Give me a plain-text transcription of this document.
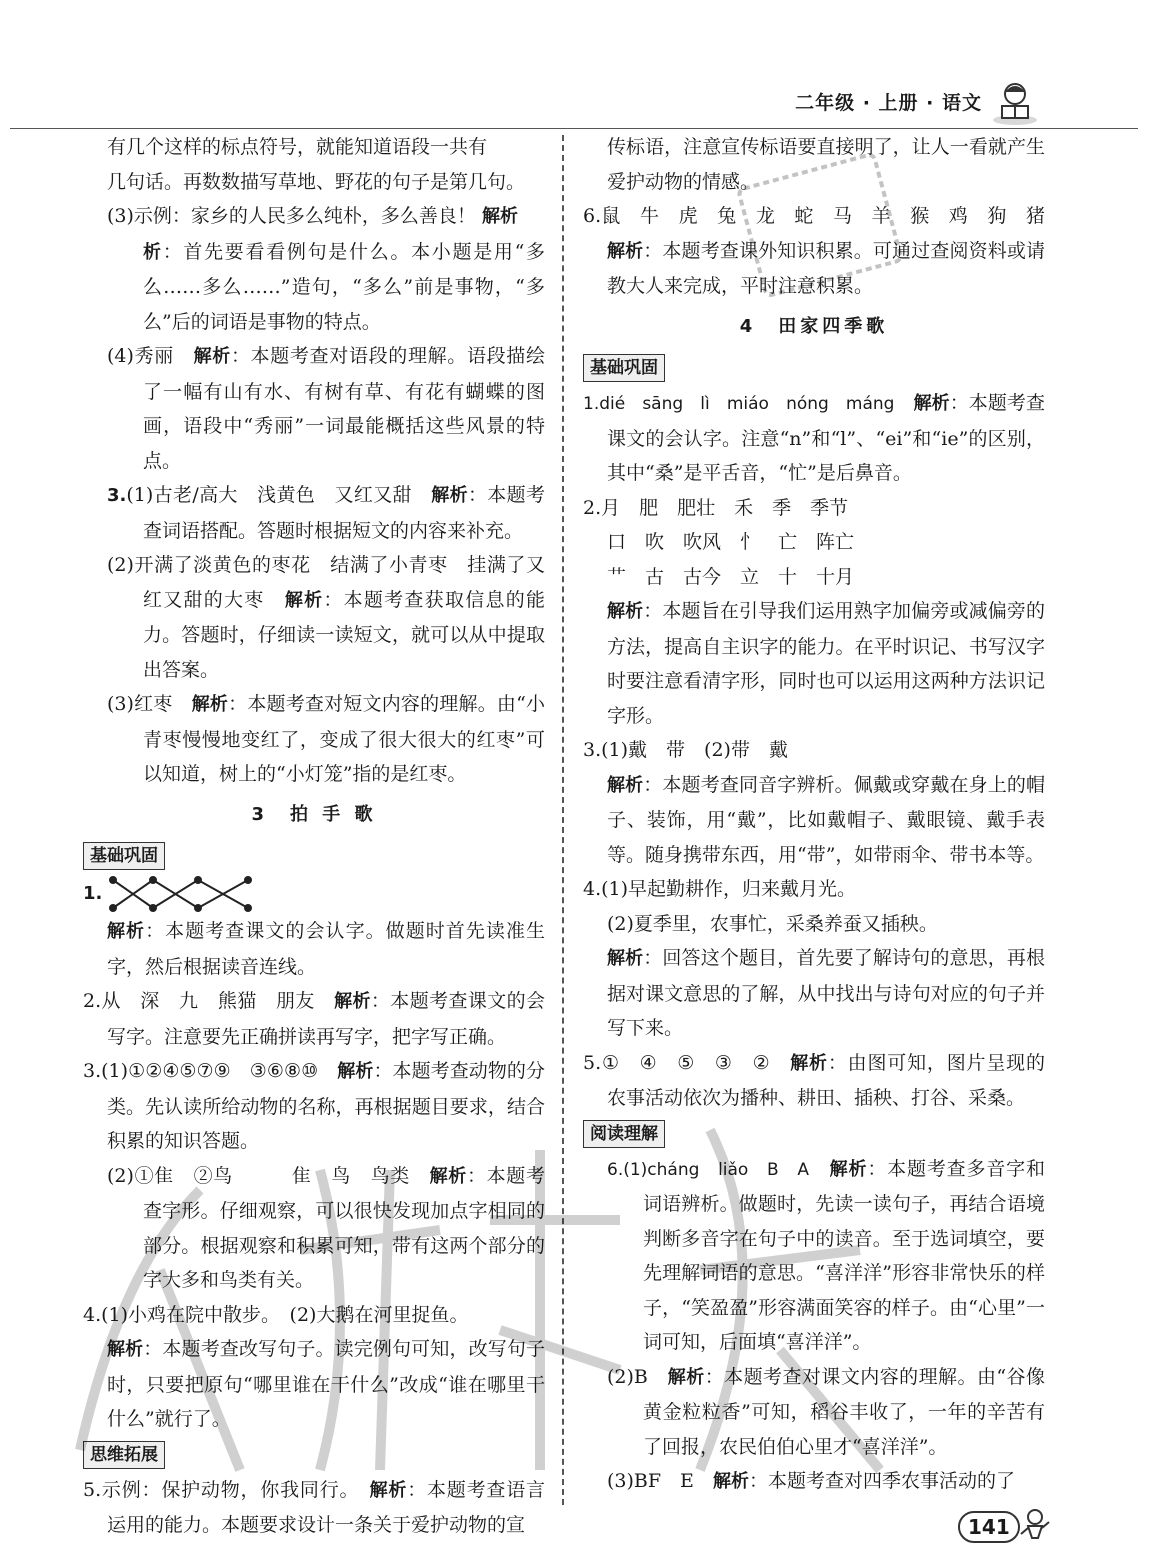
二年级 · 上册 · 语文

有几个这样的标点符号，就能知道语段一共有

几句话。再数数描写草地、野花的句子是第几句。

(3)示例：家乡的人民多么纯朴，多么善良！ 解析

析：首先要看看例句是什么。本小题是用“多么……多么……”造句，“多么”前是事物，“多么”后的词语是事物的特点。

(4)秀丽　 解析：本题考查对语段的理解。语段描绘了一幅有山有水、有树有草、有花有蝴蝶的图画，语段中“秀丽”一词最能概括这些风景的特点。

3.(1)古老/高大　浅黄色　又红又甜　 解析：本题考查词语搭配。答题时根据短文的内容来补充。

(2)开满了淡黄色的枣花　结满了小青枣　挂满了又红又甜的大枣　 解析：本题考查获取信息的能力。答题时，仔细读一读短文，就可以从中提取出答案。

(3)红枣　 解析：本题考查对短文内容的理解。由“小青枣慢慢地变红了，变成了很大很大的红枣”可以知道，树上的“小灯笼”指的是红枣。

3　拍 手 歌
基础巩固

1.

解析：本题考查课文的会认字。做题时首先读准生字，然后根据读音连线。

2.从　深　九　熊猫　朋友　 解析：本题考查课文的会写字。注意要先正确拼读再写字，把字写正确。

3.(1)①②④⑤⑦⑨　③⑥⑧⑩　 解析：本题考查动物的分类。先认读所给动物的名称，再根据题目要求，结合积累的知识答题。

(2)①隹　②鸟　　　隹　鸟　鸟类　 解析：本题考查字形。仔细观察，可以很快发现加点字相同的部分。根据观察和积累可知，带有这两个部分的字大多和鸟类有关。

4.(1)小鸡在院中散步。　(2)大鹅在河里捉鱼。

解析：本题考查改写句子。读完例句可知，改写句子时，只要把原句“哪里谁在干什么”改成“谁在哪里干什么”就行了。

思维拓展

5.示例：保护动物，你我同行。　 解析：本题考查语言运用的能力。本题要求设计一条关于爱护动物的宣

传标语，注意宣传标语要直接明了，让人一看就产生爱护动物的情感。

6.鼠　牛　虎　兔　龙　蛇　马　羊　猴　鸡　狗　猪　解析：本题考查课外知识积累。可通过查阅资料或请教大人来完成，平时注意积累。

4　田家四季歌
基础巩固

1.dié　sāng　lì　miáo　nóng　máng　 解析：本题考查课文的会认字。注意“n”和“l”、“ei”和“ie”的区别，其中“桑”是平舌音，“忙”是后鼻音。

2.月　肥　肥壮　禾　季　季节

口　吹　吹风　忄　亡　阵亡

艹　古　古今　立　十　十月

解析：本题旨在引导我们运用熟字加偏旁或减偏旁的方法，提高自主识字的能力。在平时识记、书写汉字时要注意看清字形，同时也可以运用这两种方法识记字形。

3.(1)戴　带　(2)带　戴

解析：本题考查同音字辨析。佩戴或穿戴在身上的帽子、装饰，用“戴”，比如戴帽子、戴眼镜、戴手表等。随身携带东西，用“带”，如带雨伞、带书本等。

4.(1)早起勤耕作，归来戴月光。

(2)夏季里，农事忙，采桑养蚕又插秧。

解析：回答这个题目，首先要了解诗句的意思，再根据对课文意思的了解，从中找出与诗句对应的句子并写下来。

5.①　④　⑤　③　②　 解析：由图可知，图片呈现的农事活动依次为播种、耕田、插秧、打谷、采桑。

阅读理解

6.(1)cháng　liǎo　B　A　 解析：本题考查多音字和词语辨析。做题时，先读一读句子，再结合语境判断多音字在句子中的读音。至于选词填空，要先理解词语的意思。“喜洋洋”形容非常快乐的样子，“笑盈盈”形容满面笑容的样子。由“心里”一词可知，后面填“喜洋洋”。

(2)B　 解析：本题考查对课文内容的理解。由“谷像黄金粒粒香”可知，稻谷丰收了，一年的辛苦有了回报，农民伯伯心里才“喜洋洋”。

(3)BF　E　 解析：本题考查对四季农事活动的了

141
